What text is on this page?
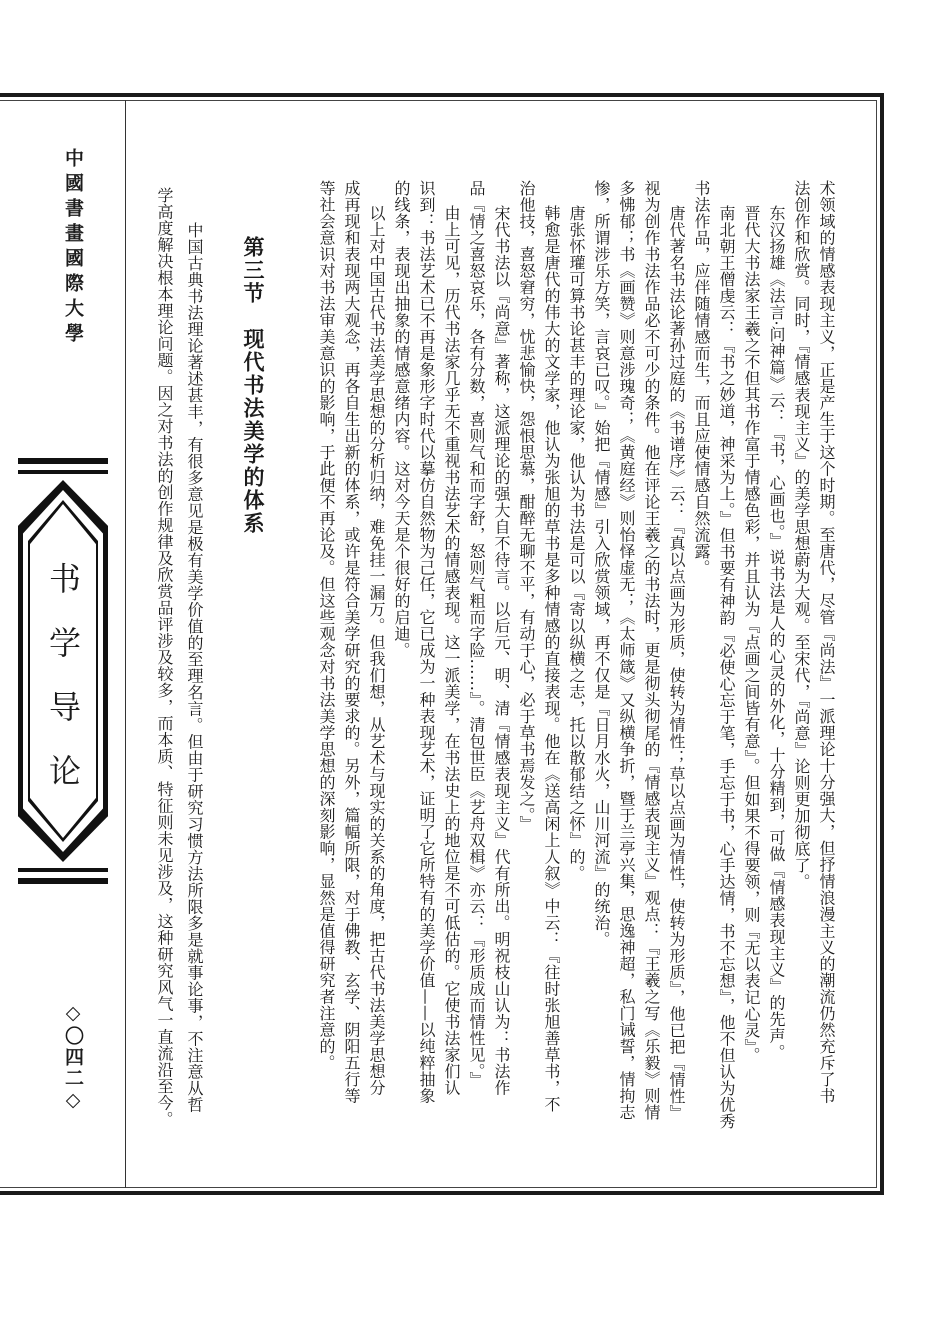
中國書畫國際大學
书学导论
◇〇四二◇	术领域的情感表现主义，正是产生于这个时期。至唐代，尽管『尚法』一派理论十分强大，但抒情浪漫主义的潮流仍然充斥了书
法创作和欣赏。同时，『情感表现主义』的美学思想蔚为大观。至宋代，『尚意』论则更加彻底了。
东汉扬雄《法言·问神篇》云：『书，心画也。』说书法是人的心灵的外化，十分精到，可做『情感表现主义』的先声。
晋代大书法家王羲之不但其书作富于情感色彩，并且认为『点画之间皆有意』。但如果不得要领，则『无以表记心灵』。
南北朝王僧虔云：『书之妙道，神采为上。』但书要有神韵『必使心忘于笔，手忘于书，心手达情，书不忘想』，他不但认为优秀
书法作品，应伴随情感而生，而且应使情感自然流露。
唐代著名书法论著孙过庭的《书谱序》云：『真以点画为形质，使转为情性；草以点画为情性，使转为形质』，他已把『情性』
视为创作书法作品必不可少的条件。他在评论王羲之的书法时，更是彻头彻尾的『情感表现主义』观点：『王羲之写《乐毅》则情
多怫郁；书《画赞》则意涉瑰奇；《黄庭经》则怡怿虚无；《太师箴》又纵横争折，暨于兰亭兴集，思逸神超，私门诫誓，情拘志
惨，所谓涉乐方笑，言哀已叹。』始把『情感』引入欣赏领域，再不仅是『日月水火，山川河流』的统治。
唐张怀瓘可算书论甚丰的理论家，他认为书法是可以『寄以纵横之志，托以散郁结之怀』的。
韩愈是唐代的伟大的文学家，他认为张旭的草书是多种情感的直接表现。他在《送高闲上人叙》中云：『往时张旭善草书，不
治他技，喜怒窘穷，忧悲愉快，怨恨思慕，酣醉无聊不平，有动于心，必于草书焉发之。』
宋代书法以『尚意』著称，这派理论的强大自不待言。以后元、明、清『情感表现主义』代有所出。明祝枝山认为：书法作
品『情之喜怒哀乐，各有分数，喜则气和而字舒，怒则气粗而字险……』。清包世臣《艺舟双楫》亦云：『形质成而情性见。』
由上可见，历代书法家几乎无不重视书法艺术的情感表现。这一派美学，在书法史上的地位是不可低估的。它使书法家们认
识到：书法艺术已不再是象形字时代以摹仿自然物为己任，它已成为一种表现艺术，证明了它所特有的美学价值——以纯粹抽象
的线条，表现出抽象的情感意绪内容。这对今天是个很好的启迪。
以上对中国古代书法美学思想的分析归纳，难免挂一漏万。但我们想，从艺术与现实的关系的角度，把古代书法美学思想分
成再现和表现两大观念，再各自生出新的体系，或许是符合美学研究的要求的。另外，篇幅所限，对于佛教、玄学、阴阳五行等
等社会意识对书法审美意识的影响，于此便不再论及。但这些观念对书法美学思想的深刻影响，显然是值得研究者注意的。
第三节　现代书法美学的体系
中国古典书法理论著述甚丰，有很多意见是极有美学价值的至理名言。但由于研究习惯方法所限多是就事论事，不注意从哲
学高度解决根本理论问题。因之对书法的创作规律及欣赏品评涉及较多，而本质、特征则未见涉及，这种研究风气一直流沿至今。
